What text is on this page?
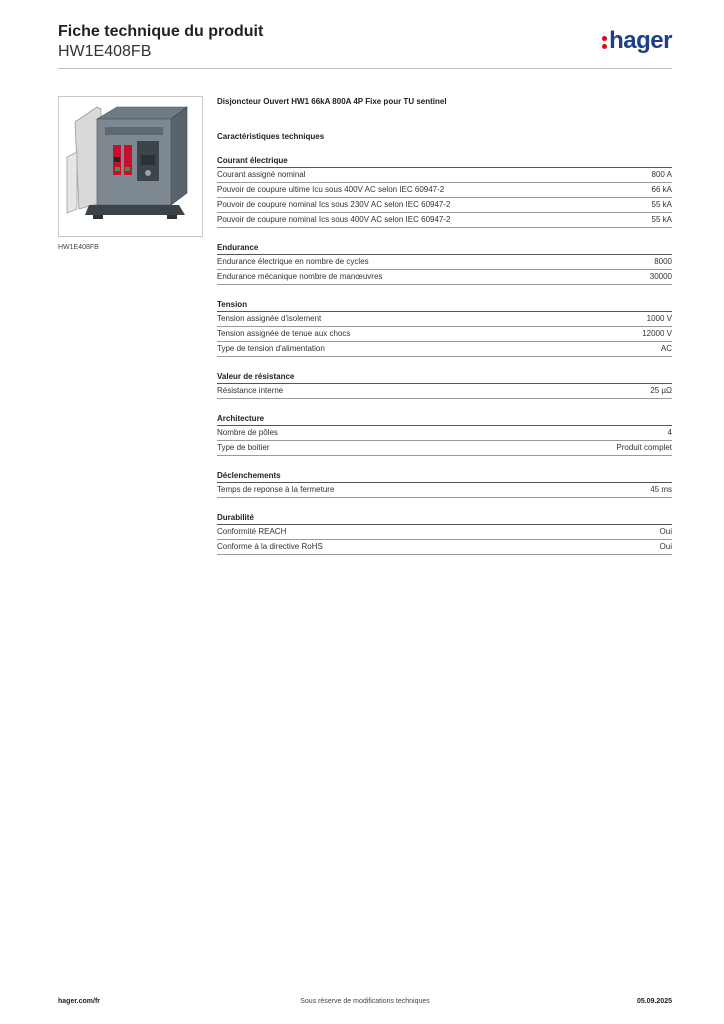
Fiche technique du produit
HW1E408FB	hager
HW1E408FB
Disjoncteur Ouvert HW1 66kA 800A 4P Fixe pour TU sentinel
Caractéristiques techniques
Courant électrique
Courant assigné nominal	800 A
Pouvoir de coupure ultime Icu sous 400V AC selon IEC 60947-2	66 kA
Pouvoir de coupure nominal Ics sous 230V AC selon IEC 60947-2	55 kA
Pouvoir de coupure nominal Ics sous 400V AC selon IEC 60947-2	55 kA
Endurance
Endurance électrique en nombre de cycles	8000
Endurance mécanique nombre de manœuvres	30000
Tension
Tension assignée d'isolement	1000 V
Tension assignée de tenue aux chocs	12000 V
Type de tension d'alimentation	AC
Valeur de résistance
Résistance interne	25 µΩ
Architecture
Nombre de pôles	4
Type de boitier	Produit complet
Déclenchements
Temps de reponse à la fermeture	45 ms
Durabilité
Conformité REACH	Oui
Conforme à la directive RoHS	Oui
hager.com/fr	Sous réserve de modifications techniques	05.09.2025
